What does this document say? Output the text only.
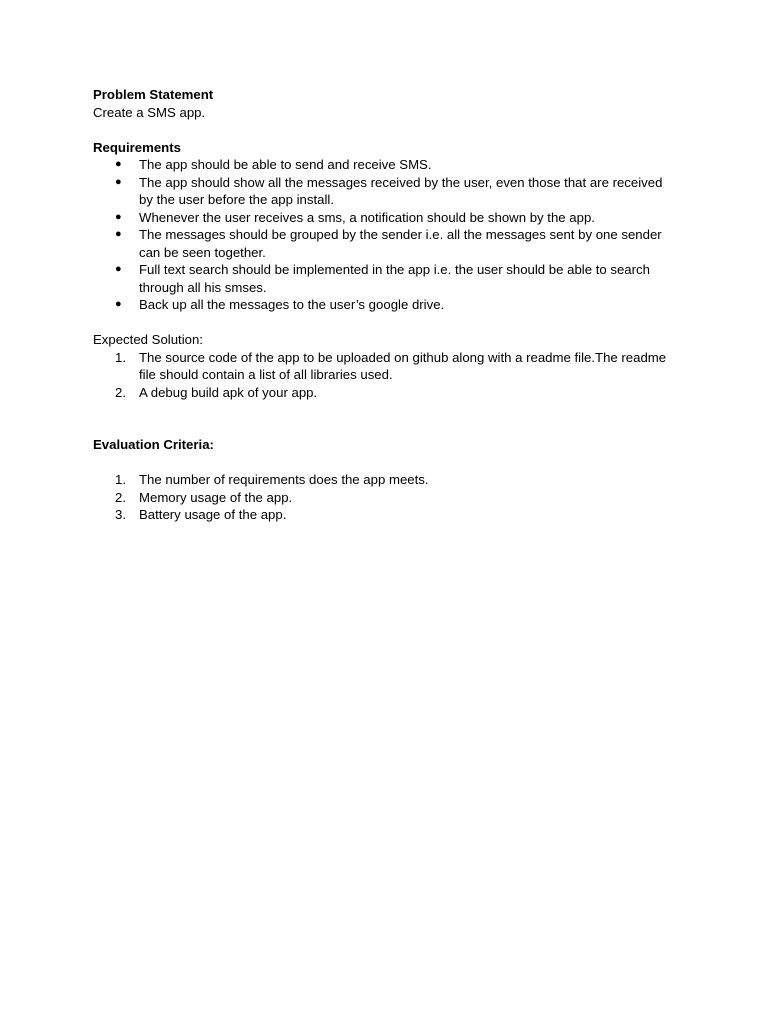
Problem Statement
Create a SMS app.
Requirements
●	The app should be able to send and receive SMS.
●	The app should show all the messages received by the user, even those that are received by the user before the app install.
●	Whenever the user receives a sms, a notification should be shown by the app.
●	The messages should be grouped by the sender i.e. all the messages sent by one sender can be seen together.
●	Full text search should be implemented in the app i.e. the user should be able to search through all his smses.
●	Back up all the messages to the user’s google drive.
Expected Solution:
1. The source code of the app to be uploaded on github along with a readme file.The readme file should contain a list of all libraries used.
2. A debug build apk of your app.
Evaluation Criteria:
1. The number of requirements does the app meets.
2. Memory usage of the app.
3. Battery usage of the app.
